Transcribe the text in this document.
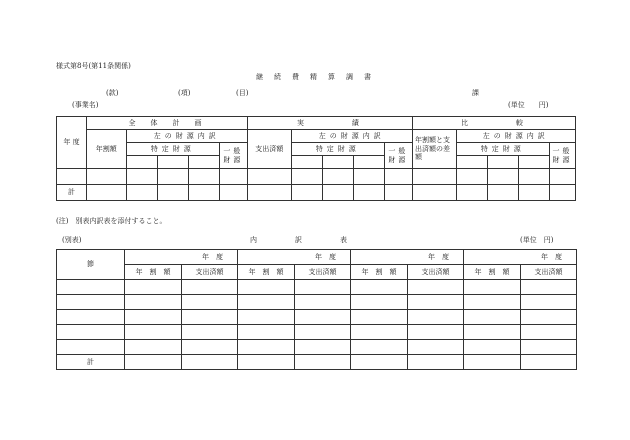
様式第8号(第11条関係)
継続費精算調書
(款)	(項)	(目)	課
(事業名)	(単位　　円)
年 度	全　体　計　画					実　　　　績					比　　　　較				
	年割額	左の財源内訳				支出済額	左の財源内訳				年割額と支出済額の差額	左の財源内訳			
		特定財源			一般財源		特定財源			一般財源		特定財源			一般財源

計															
(注)　別表内訳表を添付すること。
(別表)	内訳表	(単位　円)
節	年　度		年　度		年　度		年　度	
	年　割　額	支出済額	年　割　額	支出済額	年　割　額	支出済額	年　割　額	支出済額

計								
